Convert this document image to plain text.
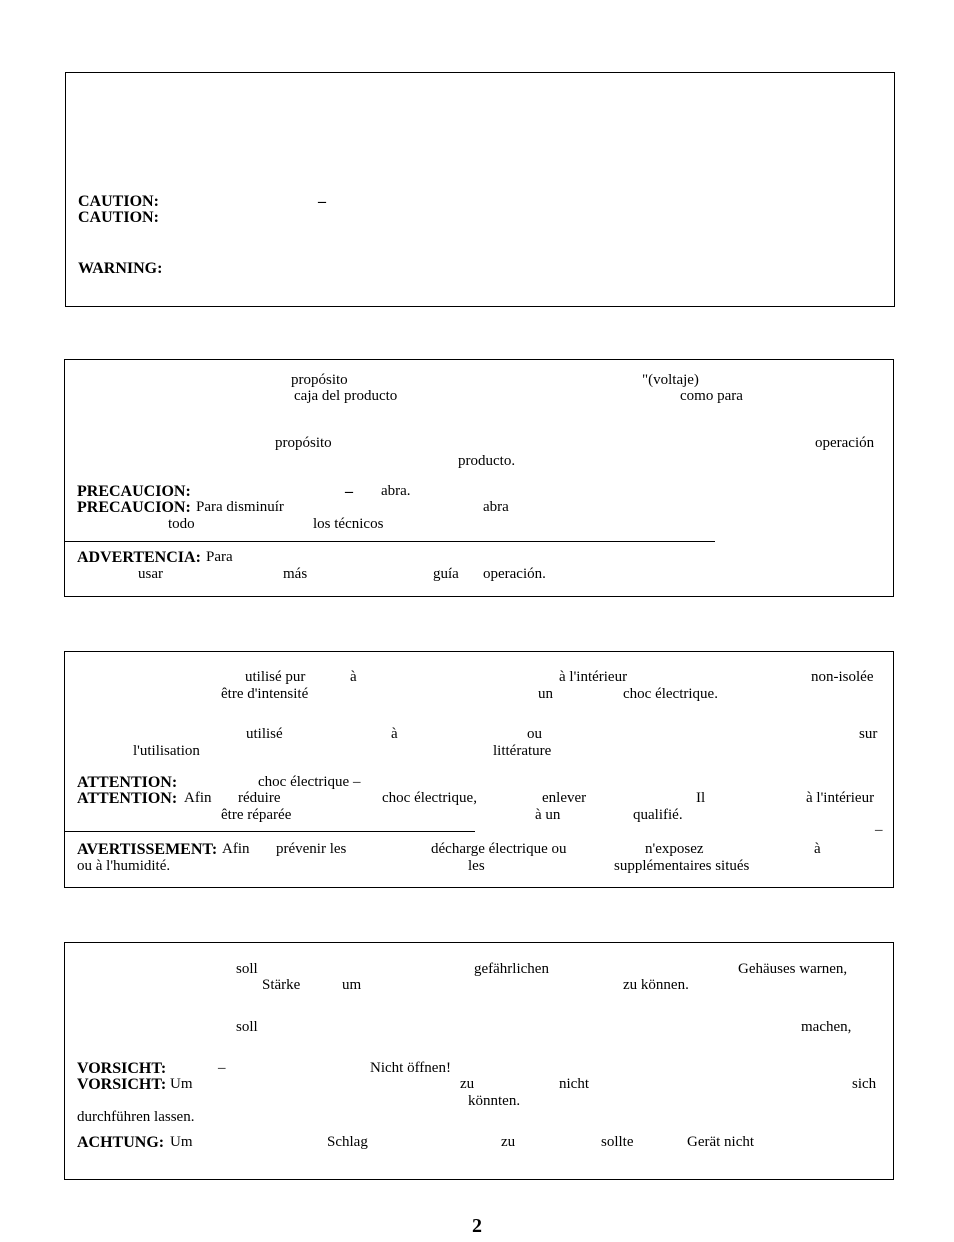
CAUTION:	–
CAUTION:
WARNING:
propósito	"(voltaje)
caja del producto	como para
propósito	operación
producto.
PRECAUCION:	– abra.
PRECAUCION: Para disminuír	abra
todo	los técnicos
ADVERTENCIA: Para
usar	más	guía operación.
utilisé pur	à	à l'intérieur	non-isolée
être d'intensité	un	choc électrique.
utilisé	à	ou	sur
l'utilisation	littérature
ATTENTION:	choc électrique –
ATTENTION: Afin réduire	choc électrique,	enlever	Il	à l'intérieur
être réparée	à un	qualifié.
–
AVERTISSEMENT: Afin prévenir les	décharge électrique ou	n'exposez	à
ou à l'humidité.	les	supplémentaires situés
soll	gefährlichen	Gehäuses warnen,
Stärke	um	zu können.
soll	machen,
VORSICHT:	–	Nicht öffnen!
VORSICHT: Um	zu	nicht	sich
könnten.
durchführen lassen.
ACHTUNG: Um	Schlag	zu	sollte	Gerät nicht
2
